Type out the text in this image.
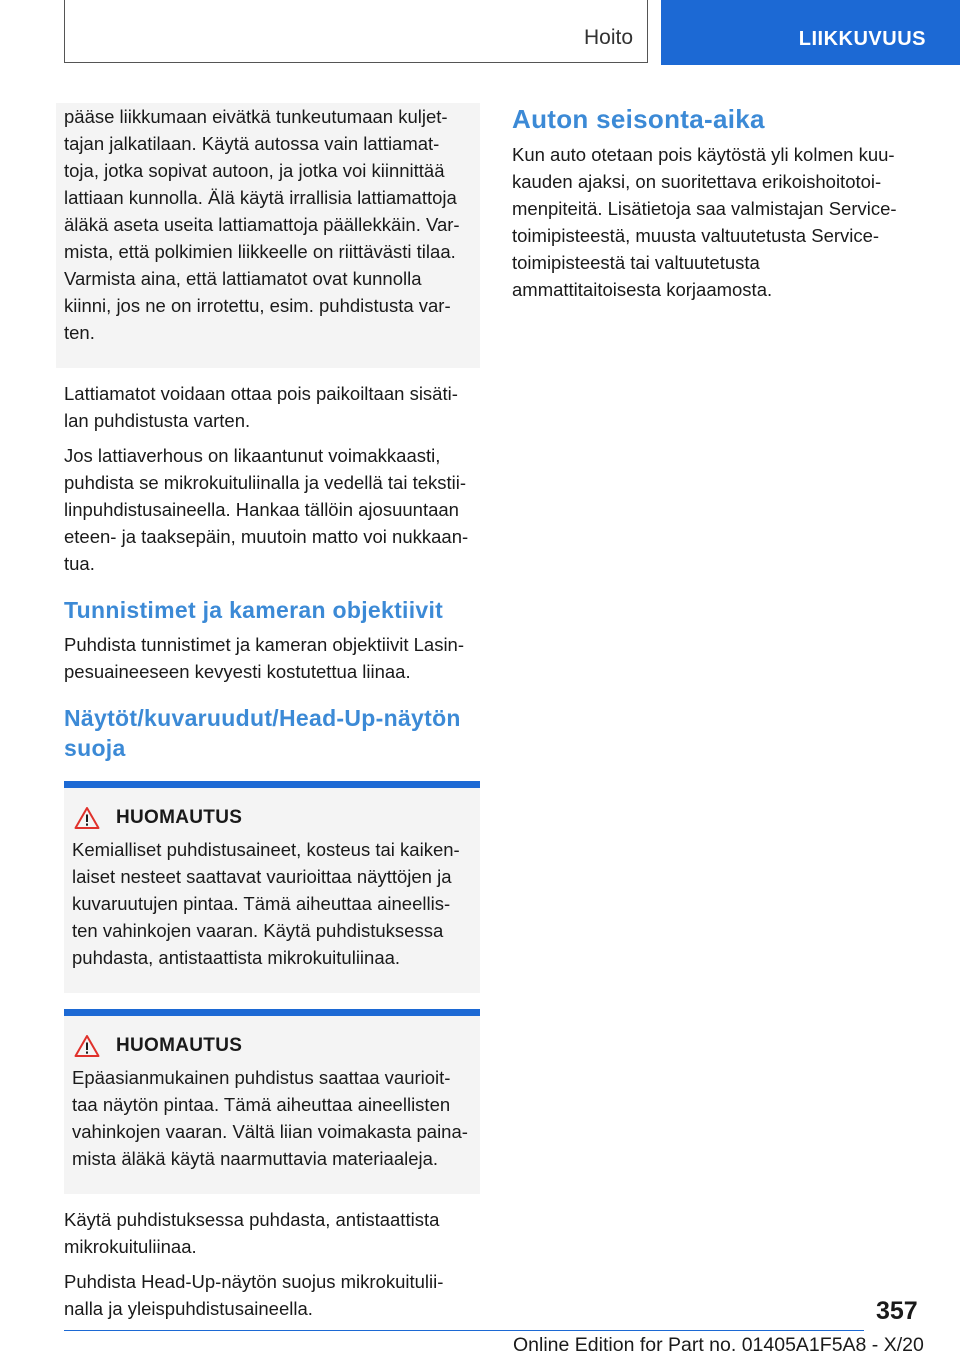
Hoito	LIIKKUVUUS

pääse liikkumaan eivätkä tunkeutumaan kuljet-tajan jalkatilaan. Käytä autossa vain lattiamat-toja, jotka sopivat autoon, ja jotka voi kiinnittää lattiaan kunnolla. Älä käytä irrallisia lattiamattoja äläkä aseta useita lattiamattoja päällekkäin. Var-mista, että polkimien liikkeelle on riittävästi tilaa. Varmista aina, että lattiamatot ovat kunnolla kiinni, jos ne on irrotettu, esim. puhdistusta var-ten.

Lattiamatot voidaan ottaa pois paikoiltaan sisäti-lan puhdistusta varten.

Jos lattiaverhous on likaantunut voimakkaasti, puhdista se mikrokuituliinalla ja vedellä tai tekstii-linpuhdistusaineella. Hankaa tällöin ajosuuntaan eteen- ja taaksepäin, muutoin matto voi nukkaan-tua.

Tunnistimet ja kameran objektiivit

Puhdista tunnistimet ja kameran objektiivit Lasin-pesuaineeseen kevyesti kostutettua liinaa.

Näytöt/kuvaruudut/Head-Up-näytön suoja
HUOMAUTUS

Kemialliset puhdistusaineet, kosteus tai kaiken-laiset nesteet saattavat vaurioittaa näyttöjen ja kuvaruutujen pintaa. Tämä aiheuttaa aineellis-ten vahinkojen vaaran. Käytä puhdistuksessa puhdasta, antistaattista mikrokuituliinaa.

HUOMAUTUS

Epäasianmukainen puhdistus saattaa vaurioit-taa näytön pintaa. Tämä aiheuttaa aineellisten vahinkojen vaaran. Vältä liian voimakasta paina-mista äläkä käytä naarmuttavia materiaaleja.

Käytä puhdistuksessa puhdasta, antistaattista mikrokuituliinaa.

Puhdista Head-Up-näytön suojus mikrokuitulii-nalla ja yleispuhdistusaineella.

Auton seisonta-aika

Kun auto otetaan pois käytöstä yli kolmen kuu-kauden ajaksi, on suoritettava erikoishoitotoi-menpiteitä. Lisätietoja saa valmistajan Service-toimipisteestä, muusta valtuutetusta Service-toimipisteestä tai valtuutetusta ammattitaitoisesta korjaamosta.

357
Online Edition for Part no. 01405A1F5A8 - X/20
